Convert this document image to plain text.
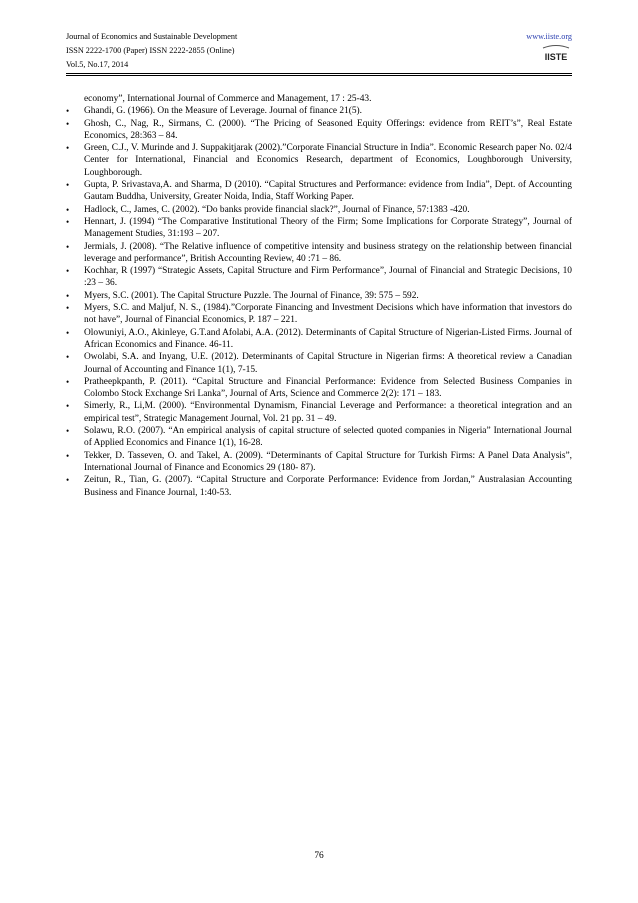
Journal of Economics and Sustainable Development
ISSN 2222-1700 (Paper) ISSN 2222-2855 (Online)
Vol.5, No.17, 2014
www.iiste.org
IISTE
economy”, International Journal of Commerce and Management, 17 : 25-43.
•	Ghandi, G. (1966). On the Measure of Leverage. Journal of finance 21(5).
•	Ghosh, C., Nag, R., Sirmans, C. (2000). “The Pricing of Seasoned Equity Offerings: evidence from REIT’s”, Real Estate Economics, 28:363 – 84.
•	Green, C.J., V. Murinde and J. Suppakitjarak (2002).”Corporate Financial Structure in India”. Economic Research paper No. 02/4 Center for International, Financial and Economics Research, department of Economics, Loughborough University, Loughborough.
•	Gupta, P. Srivastava,A. and Sharma, D (2010). “Capital Structures and Performance: evidence from India”, Dept. of Accounting Gautam Buddha, University, Greater Noida, India, Staff Working Paper.
•	Hadlock, C., James, C. (2002). “Do banks provide financial slack?”, Journal of Finance, 57:1383 -420.
•	Hennart, J. (1994) “The Comparative Institutional Theory of the Firm; Some Implications for Corporate Strategy”, Journal of Management Studies, 31:193 – 207.
•	Jermials, J. (2008). “The Relative influence of competitive intensity and business strategy on the relationship between financial leverage and performance”, British Accounting Review, 40 :71 – 86.
•	Kochhar, R (1997) “Strategic Assets, Capital Structure and Firm Performance”, Journal of Financial and Strategic Decisions, 10 :23 – 36.
•	Myers, S.C. (2001). The Capital Structure Puzzle. The Journal of Finance, 39: 575 – 592.
•	Myers, S.C. and Maljuf, N. S., (1984).”Corporate Financing and Investment Decisions which have information that investors do not have”, Journal of Financial Economics, P. 187 – 221.
•	Olowuniyi, A.O., Akinleye, G.T.and Afolabi, A.A. (2012). Determinants of Capital Structure of Nigerian-Listed Firms. Journal of African Economics and Finance. 46-11.
•	Owolabi, S.A. and Inyang, U.E. (2012). Determinants of Capital Structure in Nigerian firms: A theoretical review a Canadian Journal of Accounting and Finance 1(1), 7-15.
•	Pratheepkpanth, P. (2011). “Capital Structure and Financial Performance: Evidence from Selected Business Companies in Colombo Stock Exchange Sri Lanka”, Journal of Arts, Science and Commerce 2(2): 171 – 183.
•	Simerly, R., Li,M. (2000). “Environmental Dynamism, Financial Leverage and Performance: a theoretical integration and an empirical test”, Strategic Management Journal, Vol. 21 pp. 31 – 49.
•	Solawu, R.O. (2007). “An empirical analysis of capital structure of selected quoted companies in Nigeria” International Journal of Applied Economics and Finance 1(1), 16-28.
•	Tekker, D. Tasseven, O. and Takel, A. (2009). “Determinants of Capital Structure for Turkish Firms: A Panel Data Analysis”, International Journal of Finance and Economics 29 (180- 87).
•	Zeitun, R., Tian, G. (2007). “Capital Structure and Corporate Performance: Evidence from Jordan,” Australasian Accounting Business and Finance Journal, 1:40-53.
76
